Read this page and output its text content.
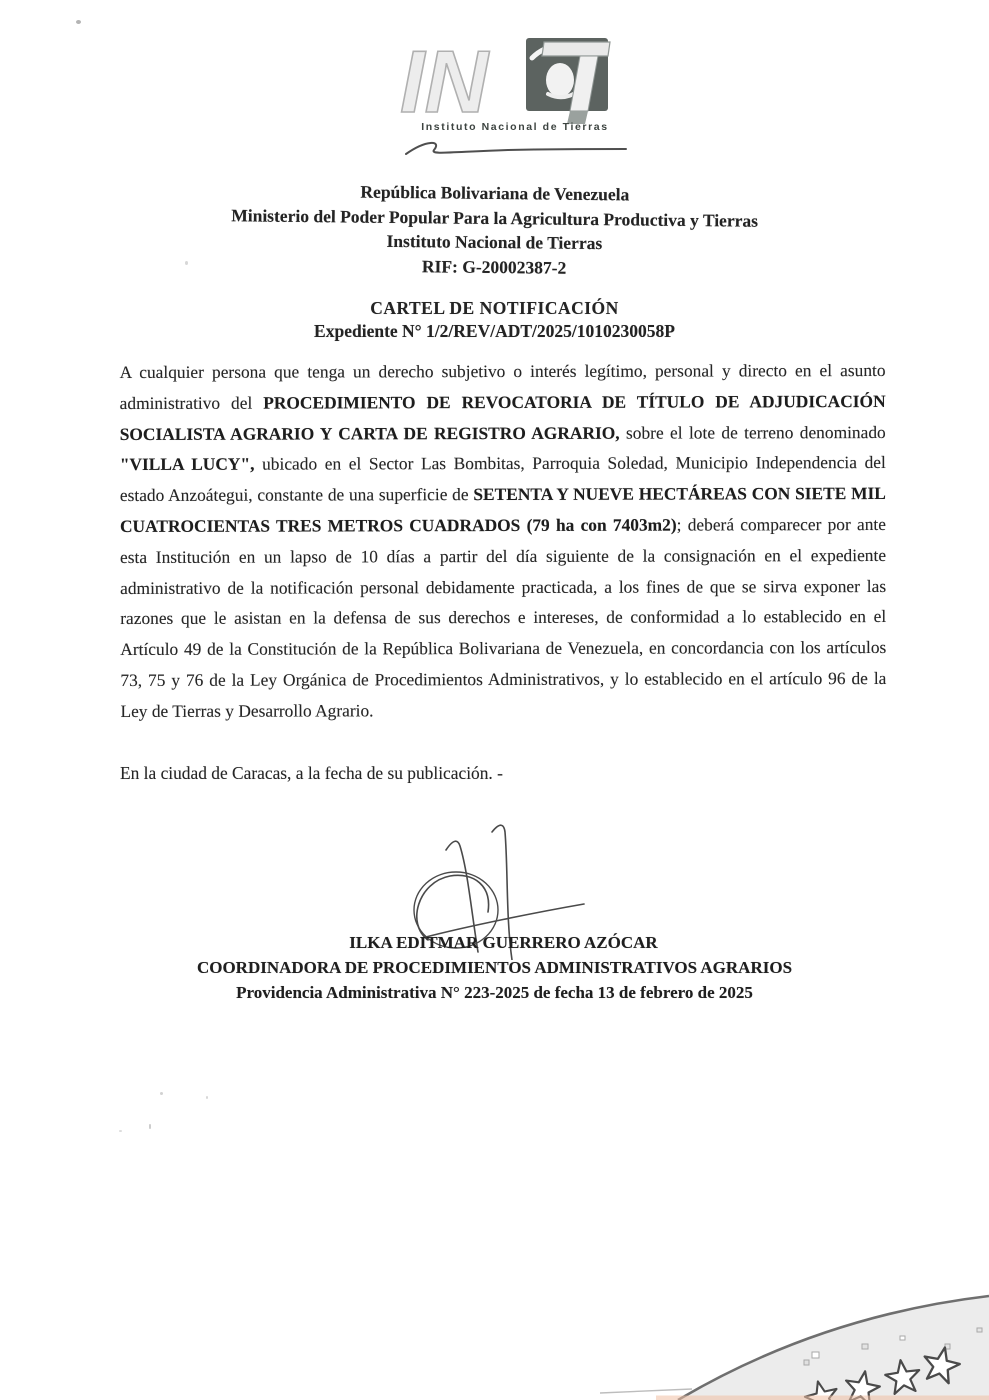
IN
Instituto Nacional de Tierras
República Bolivariana de Venezuela
Ministerio del Poder Popular Para la Agricultura Productiva y Tierras
Instituto Nacional de Tierras
RIF: G-20002387-2
CARTEL DE NOTIFICACIÓN
Expediente N° 1/2/REV/ADT/2025/1010230058P
A cualquier persona que tenga un derecho subjetivo o interés legítimo, personal y directo en el asunto administrativo del PROCEDIMIENTO DE REVOCATORIA DE TÍTULO DE ADJUDICACIÓN SOCIALISTA AGRARIO Y CARTA DE REGISTRO AGRARIO, sobre el lote de terreno denominado "VILLA LUCY", ubicado en el Sector Las Bombitas, Parroquia Soledad, Municipio Independencia del estado Anzoátegui, constante de una superficie de SETENTA Y NUEVE HECTÁREAS CON SIETE MIL CUATROCIENTAS TRES METROS CUADRADOS (79 ha con 7403m2); deberá comparecer por ante esta Institución en un lapso de 10 días a partir del día siguiente de la consignación en el expediente administrativo de la notificación personal debidamente practicada, a los fines de que se sirva exponer las razones que le asistan en la defensa de sus derechos e intereses, de conformidad a lo establecido en el Artículo 49 de la Constitución de la República Bolivariana de Venezuela, en concordancia con los artículos 73, 75 y 76 de la Ley Orgánica de Procedimientos Administrativos, y lo establecido en el artículo 96 de la Ley de Tierras y Desarrollo Agrario.
En la ciudad de Caracas, a la fecha de su publicación. -
ILKA EDITMAR GUERRERO AZÓCAR
COORDINADORA DE PROCEDIMIENTOS ADMINISTRATIVOS AGRARIOS
Providencia Administrativa N° 223-2025 de fecha 13 de febrero de 2025
